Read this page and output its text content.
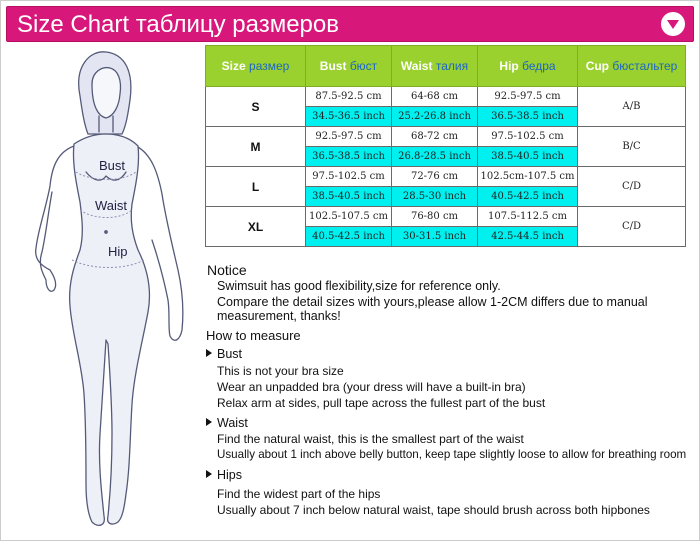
Size Chart таблицу размеров
Bust
Waist
Hip
Size размер	Bust бюст	Waist талия	Hip бедра	Cup бюстальтер
S	87.5-92.5 cm	64-68 cm	92.5-97.5 cm	A/B
	34.5-36.5 inch	25.2-26.8 inch	36.5-38.5 inch	
M	92.5-97.5 cm	68-72 cm	97.5-102.5 cm	B/C
	36.5-38.5 inch	26.8-28.5 inch	38.5-40.5 inch	
L	97.5-102.5 cm	72-76 cm	102.5cm-107.5 cm	C/D
	38.5-40.5 inch	28.5-30 inch	40.5-42.5 inch	
XL	102.5-107.5 cm	76-80 cm	107.5-112.5 cm	C/D
	40.5-42.5 inch	30-31.5 inch	42.5-44.5 inch	
Notice
Swimsuit has good flexibility,size for reference only.
Compare the detail sizes with yours,please allow 1-2CM differs due to manual
measurement, thanks!
How to measure
Bust
This is not your bra size
Wear an unpadded bra (your dress will have a built-in bra)
Relax arm at sides, pull tape across the fullest part of the bust
Waist
Find the natural waist, this is the smallest part of the waist
Usually about 1 inch above belly button, keep tape slightly loose to allow for breathing room
Hips
Find the widest part of the hips
Usually about 7 inch below natural waist, tape should brush across both hipbones
